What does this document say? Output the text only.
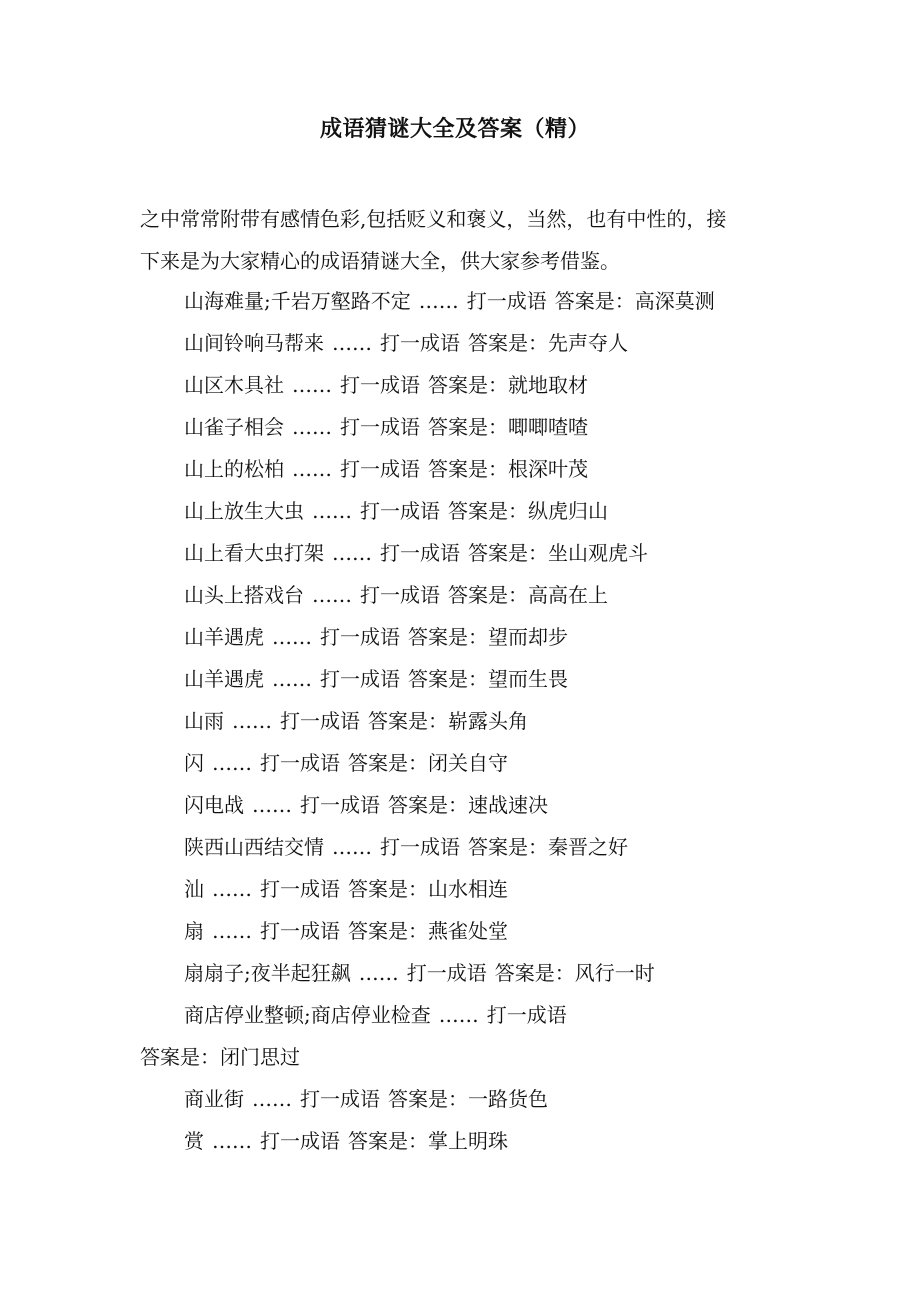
成语猜谜大全及答案（精）

之中常常附带有感情色彩,包括贬义和褒义，当然，也有中性的，接

下来是为大家精心的成语猜谜大全，供大家参考借鉴。

山海难量;千岩万壑路不定 …… 打一成语 答案是：高深莫测

山间铃响马帮来 …… 打一成语 答案是：先声夺人

山区木具社 …… 打一成语 答案是：就地取材

山雀子相会 …… 打一成语 答案是：唧唧喳喳

山上的松柏 …… 打一成语 答案是：根深叶茂

山上放生大虫 …… 打一成语 答案是：纵虎归山

山上看大虫打架 …… 打一成语 答案是：坐山观虎斗

山头上搭戏台 …… 打一成语 答案是：高高在上

山羊遇虎 …… 打一成语 答案是：望而却步

山羊遇虎 …… 打一成语 答案是：望而生畏

山雨 …… 打一成语 答案是：崭露头角

闪 …… 打一成语 答案是：闭关自守

闪电战 …… 打一成语 答案是：速战速决

陕西山西结交情 …… 打一成语 答案是：秦晋之好

汕 …… 打一成语 答案是：山水相连

扇 …… 打一成语 答案是：燕雀处堂

扇扇子;夜半起狂飙 …… 打一成语 答案是：风行一时

商店停业整顿;商店停业检查 …… 打一成语

答案是：闭门思过

商业街 …… 打一成语 答案是：一路货色

赏 …… 打一成语 答案是：掌上明珠
